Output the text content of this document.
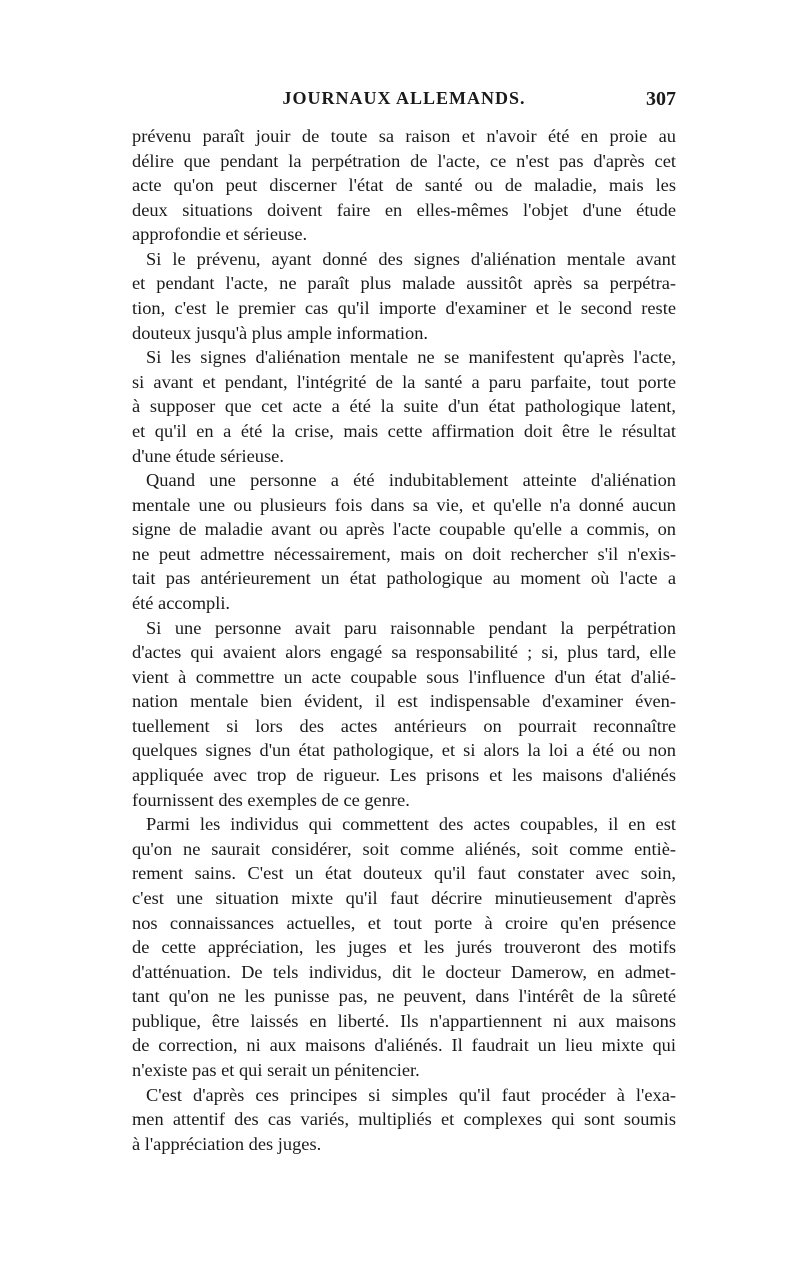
JOURNAUX ALLEMANDS.	307
prévenu paraît jouir de toute sa raison et n'avoir été en proie au
délire que pendant la perpétration de l'acte, ce n'est pas d'après cet
acte qu'on peut discerner l'état de santé ou de maladie, mais les
deux situations doivent faire en elles-mêmes l'objet d'une étude
approfondie et sérieuse.
Si le prévenu, ayant donné des signes d'aliénation mentale avant
et pendant l'acte, ne paraît plus malade aussitôt après sa perpétra-
tion, c'est le premier cas qu'il importe d'examiner et le second reste
douteux jusqu'à plus ample information.
Si les signes d'aliénation mentale ne se manifestent qu'après l'acte,
si avant et pendant, l'intégrité de la santé a paru parfaite, tout porte
à supposer que cet acte a été la suite d'un état pathologique latent,
et qu'il en a été la crise, mais cette affirmation doit être le résultat
d'une étude sérieuse.
Quand une personne a été indubitablement atteinte d'aliénation
mentale une ou plusieurs fois dans sa vie, et qu'elle n'a donné aucun
signe de maladie avant ou après l'acte coupable qu'elle a commis, on
ne peut admettre nécessairement, mais on doit rechercher s'il n'exis-
tait pas antérieurement un état pathologique au moment où l'acte a
été accompli.
Si une personne avait paru raisonnable pendant la perpétration
d'actes qui avaient alors engagé sa responsabilité ; si, plus tard, elle
vient à commettre un acte coupable sous l'influence d'un état d'alié-
nation mentale bien évident, il est indispensable d'examiner éven-
tuellement si lors des actes antérieurs on pourrait reconnaître
quelques signes d'un état pathologique, et si alors la loi a été ou non
appliquée avec trop de rigueur. Les prisons et les maisons d'aliénés
fournissent des exemples de ce genre.
Parmi les individus qui commettent des actes coupables, il en est
qu'on ne saurait considérer, soit comme aliénés, soit comme entiè-
rement sains. C'est un état douteux qu'il faut constater avec soin,
c'est une situation mixte qu'il faut décrire minutieusement d'après
nos connaissances actuelles, et tout porte à croire qu'en présence
de cette appréciation, les juges et les jurés trouveront des motifs
d'atténuation. De tels individus, dit le docteur Damerow, en admet-
tant qu'on ne les punisse pas, ne peuvent, dans l'intérêt de la sûreté
publique, être laissés en liberté. Ils n'appartiennent ni aux maisons
de correction, ni aux maisons d'aliénés. Il faudrait un lieu mixte qui
n'existe pas et qui serait un pénitencier.
C'est d'après ces principes si simples qu'il faut procéder à l'exa-
men attentif des cas variés, multipliés et complexes qui sont soumis
à l'appréciation des juges.
